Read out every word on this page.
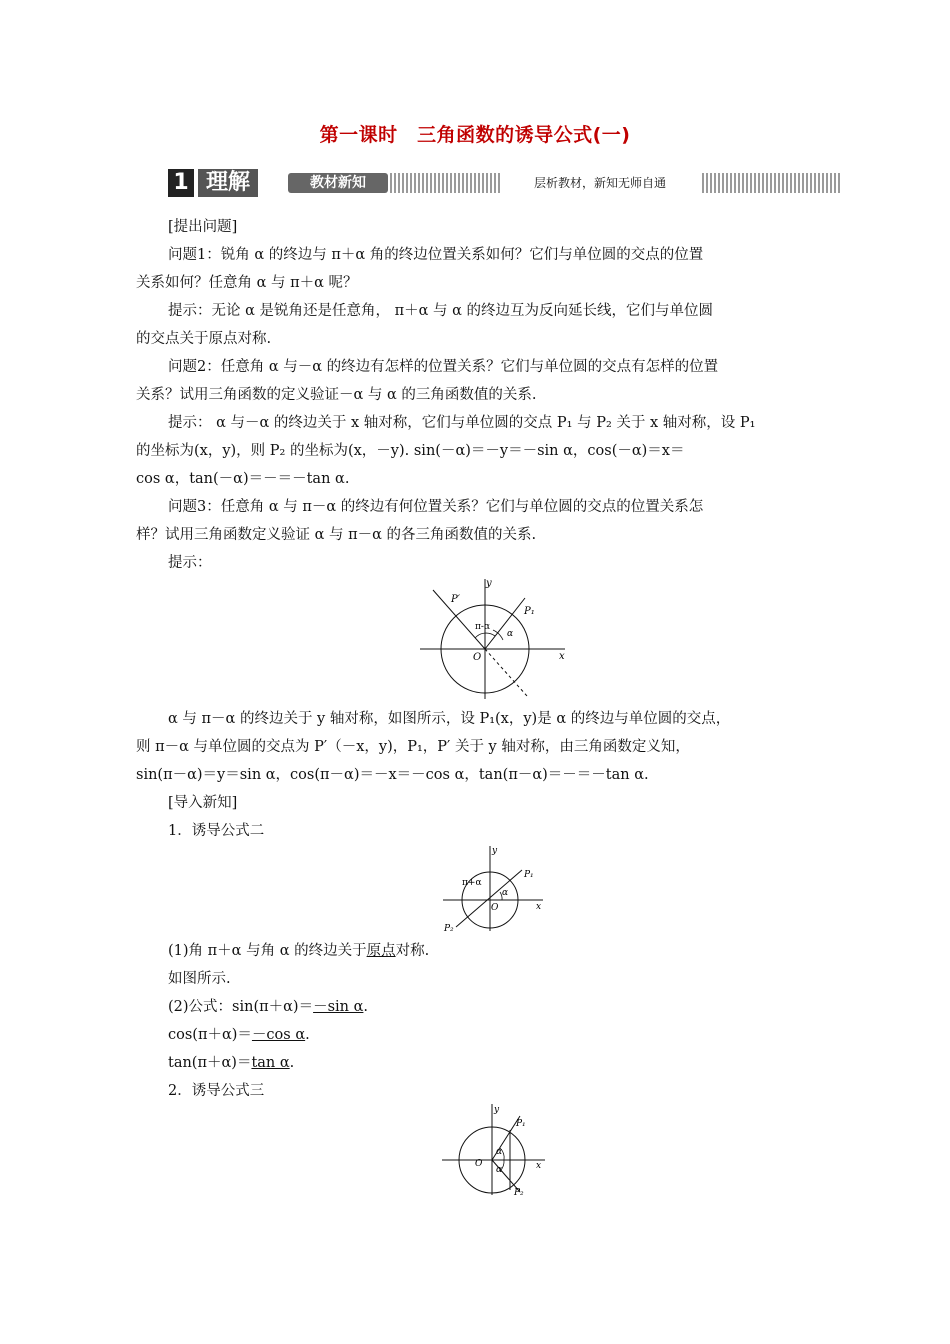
第一课时　三角函数的诱导公式(一)
1 理解	教材新知	层析教材，新知无师自通
[提出问题]
问题1：锐角 α 的终边与 π＋α 角的终边位置关系如何？它们与单位圆的交点的位置
关系如何？任意角 α 与 π＋α 呢？
提示：无论 α 是锐角还是任意角， π＋α 与 α 的终边互为反向延长线，它们与单位圆
的交点关于原点对称.
问题2：任意角 α 与－α 的终边有怎样的位置关系？它们与单位圆的交点有怎样的位置
关系？试用三角函数的定义验证－α 与 α 的三角函数值的关系.
提示： α 与－α 的终边关于 x 轴对称，它们与单位圆的交点 P₁ 与 P₂ 关于 x 轴对称，设 P₁
的坐标为(x，y)，则 P₂ 的坐标为(x，－y). sin(－α)＝－y＝－sin α，cos(－α)＝x＝
cos α，tan(－α)＝－＝－tan α.
问题3：任意角 α 与 π－α 的终边有何位置关系？它们与单位圆的交点的位置关系怎
样？试用三角函数定义验证 α 与 π－α 的各三角函数值的关系.
提示：
y
x
O
P₁
P′
π-α
α
α 与 π－α 的终边关于 y 轴对称，如图所示，设 P₁(x，y)是 α 的终边与单位圆的交点，
则 π－α 与单位圆的交点为 P′（－x，y)，P₁，P′ 关于 y 轴对称，由三角函数定义知，
sin(π－α)＝y＝sin α，cos(π－α)＝－x＝－cos α，tan(π－α)＝－＝－tan α.
[导入新知]
1．诱导公式二
y
x
O
P₁
P₂
π+α
α
(1)角 π＋α 与角 α 的终边关于原点对称.
如图所示.
(2)公式：sin(π＋α)＝－sin α.
cos(π＋α)＝－cos α.
tan(π＋α)＝tan α.
2．诱导公式三
y
x
O
P₁
P₂
α
α
